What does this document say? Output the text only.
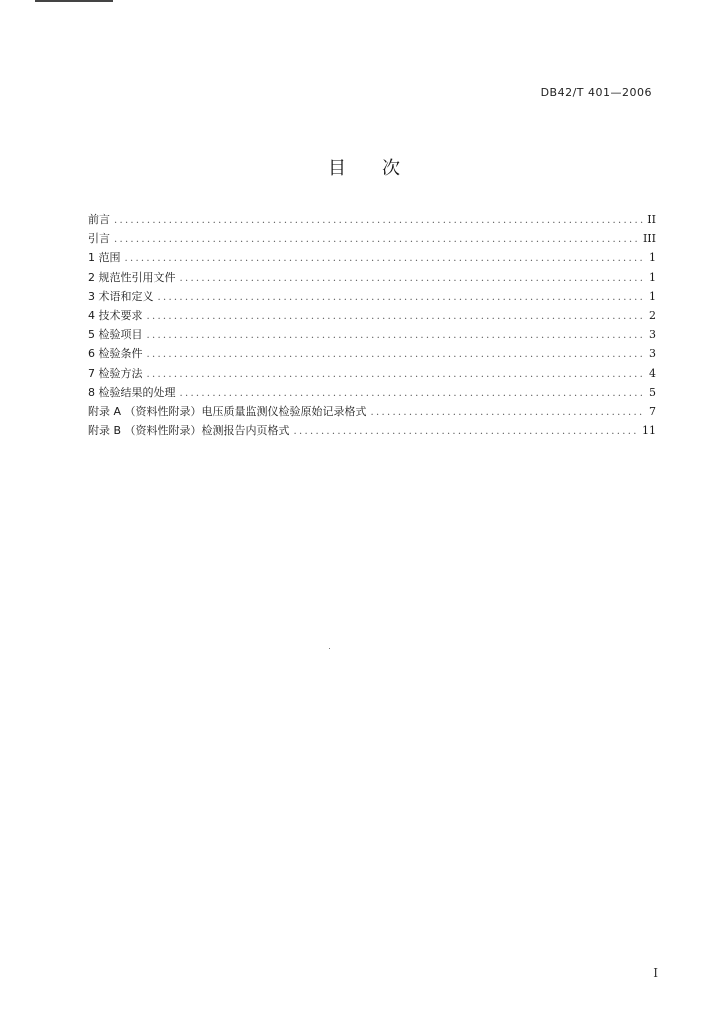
DB42/T 401—2006
目 次
前言 .....	II
引言 .....	III
1 范围 .....	1
2 规范性引用文件 .....	1
3 术语和定义 .....	1
4 技术要求 .....	2
5 检验项目 .....	3
6 检验条件 .....	3
7 检验方法 .....	4
8 检验结果的处理 .....	5
附录 A （资料性附录）电压质量监测仪检验原始记录格式 .....	7
附录 B （资料性附录）检测报告内页格式 .....	11
I
